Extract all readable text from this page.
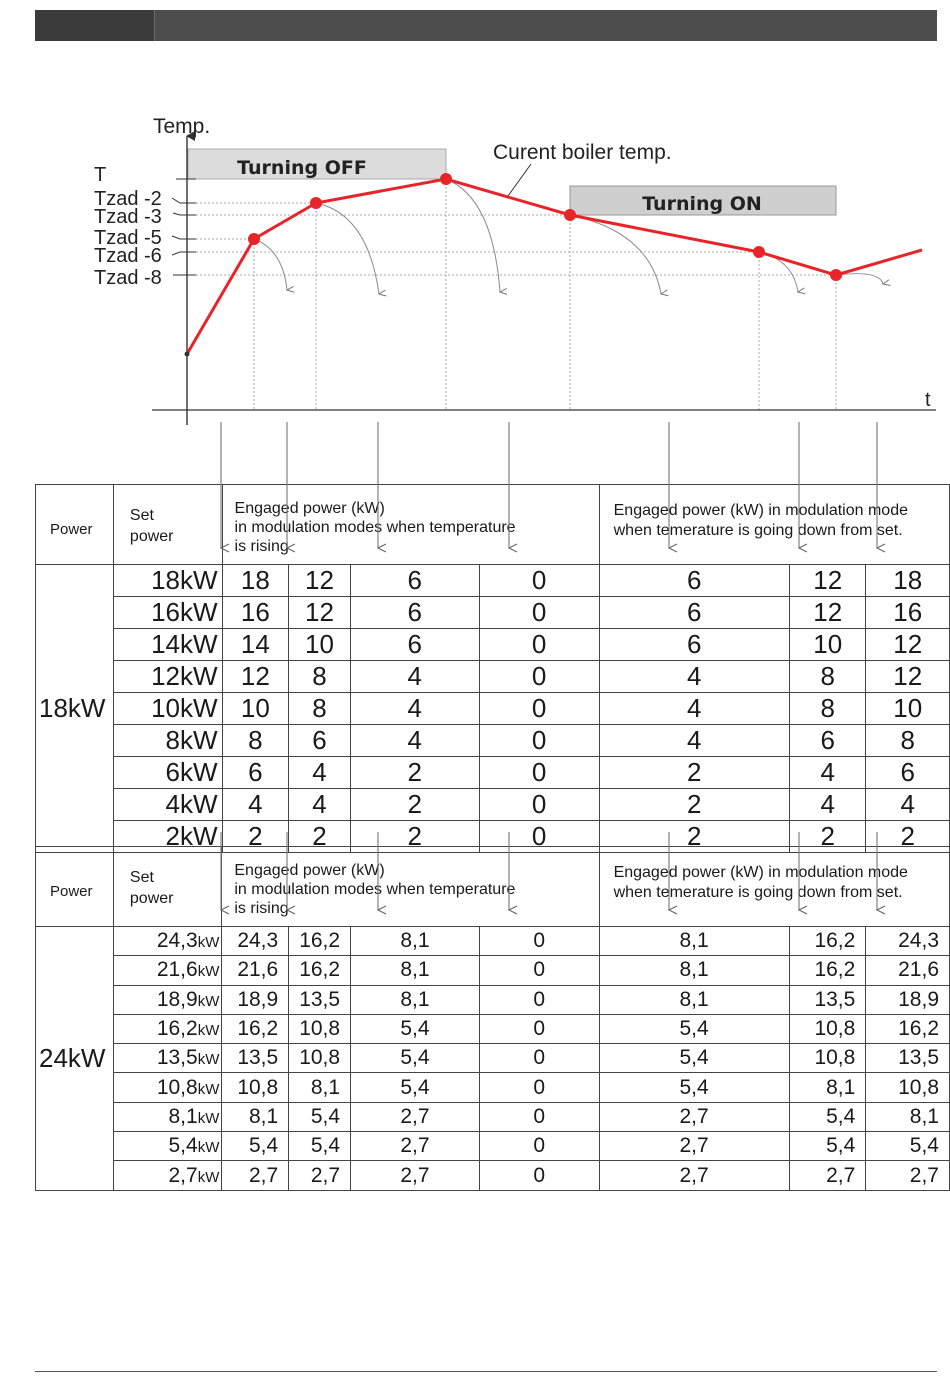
Turning OFF
Turning ON
Temp.
t
T
Tzad -2
Tzad -3
Tzad -5
Tzad -6
Tzad -8
Curent boiler temp.
Power	Set
power	Engaged power (kW)
in modulation modes when temperature
is rising				Engaged power (kW) in modulation mode
when temerature is going down from set.		
18kW	18kW	18	12	6	0	6	12	18
	16kW	16	12	6	0	6	12	16
	14kW	14	10	6	0	6	10	12
	12kW	12	8	4	0	4	8	12
	10kW	10	8	4	0	4	8	10
	8kW	8	6	4	0	4	6	8
	6kW	6	4	2	0	2	4	6
	4kW	4	4	2	0	2	4	4
	2kW	2	2	2	0	2	2	2
Power	Set
power	Engaged power (kW)
in modulation modes when temperature
is rising				Engaged power (kW) in modulation mode
when temerature is going down from set.		
24kW	24,3kW	24,3	16,2	8,1	0	8,1	16,2	24,3
	21,6kW	21,6	16,2	8,1	0	8,1	16,2	21,6
	18,9kW	18,9	13,5	8,1	0	8,1	13,5	18,9
	16,2kW	16,2	10,8	5,4	0	5,4	10,8	16,2
	13,5kW	13,5	10,8	5,4	0	5,4	10,8	13,5
	10,8kW	10,8	8,1	5,4	0	5,4	8,1	10,8
	8,1kW	8,1	5,4	2,7	0	2,7	5,4	8,1
	5,4kW	5,4	5,4	2,7	0	2,7	5,4	5,4
	2,7kW	2,7	2,7	2,7	0	2,7	2,7	2,7
